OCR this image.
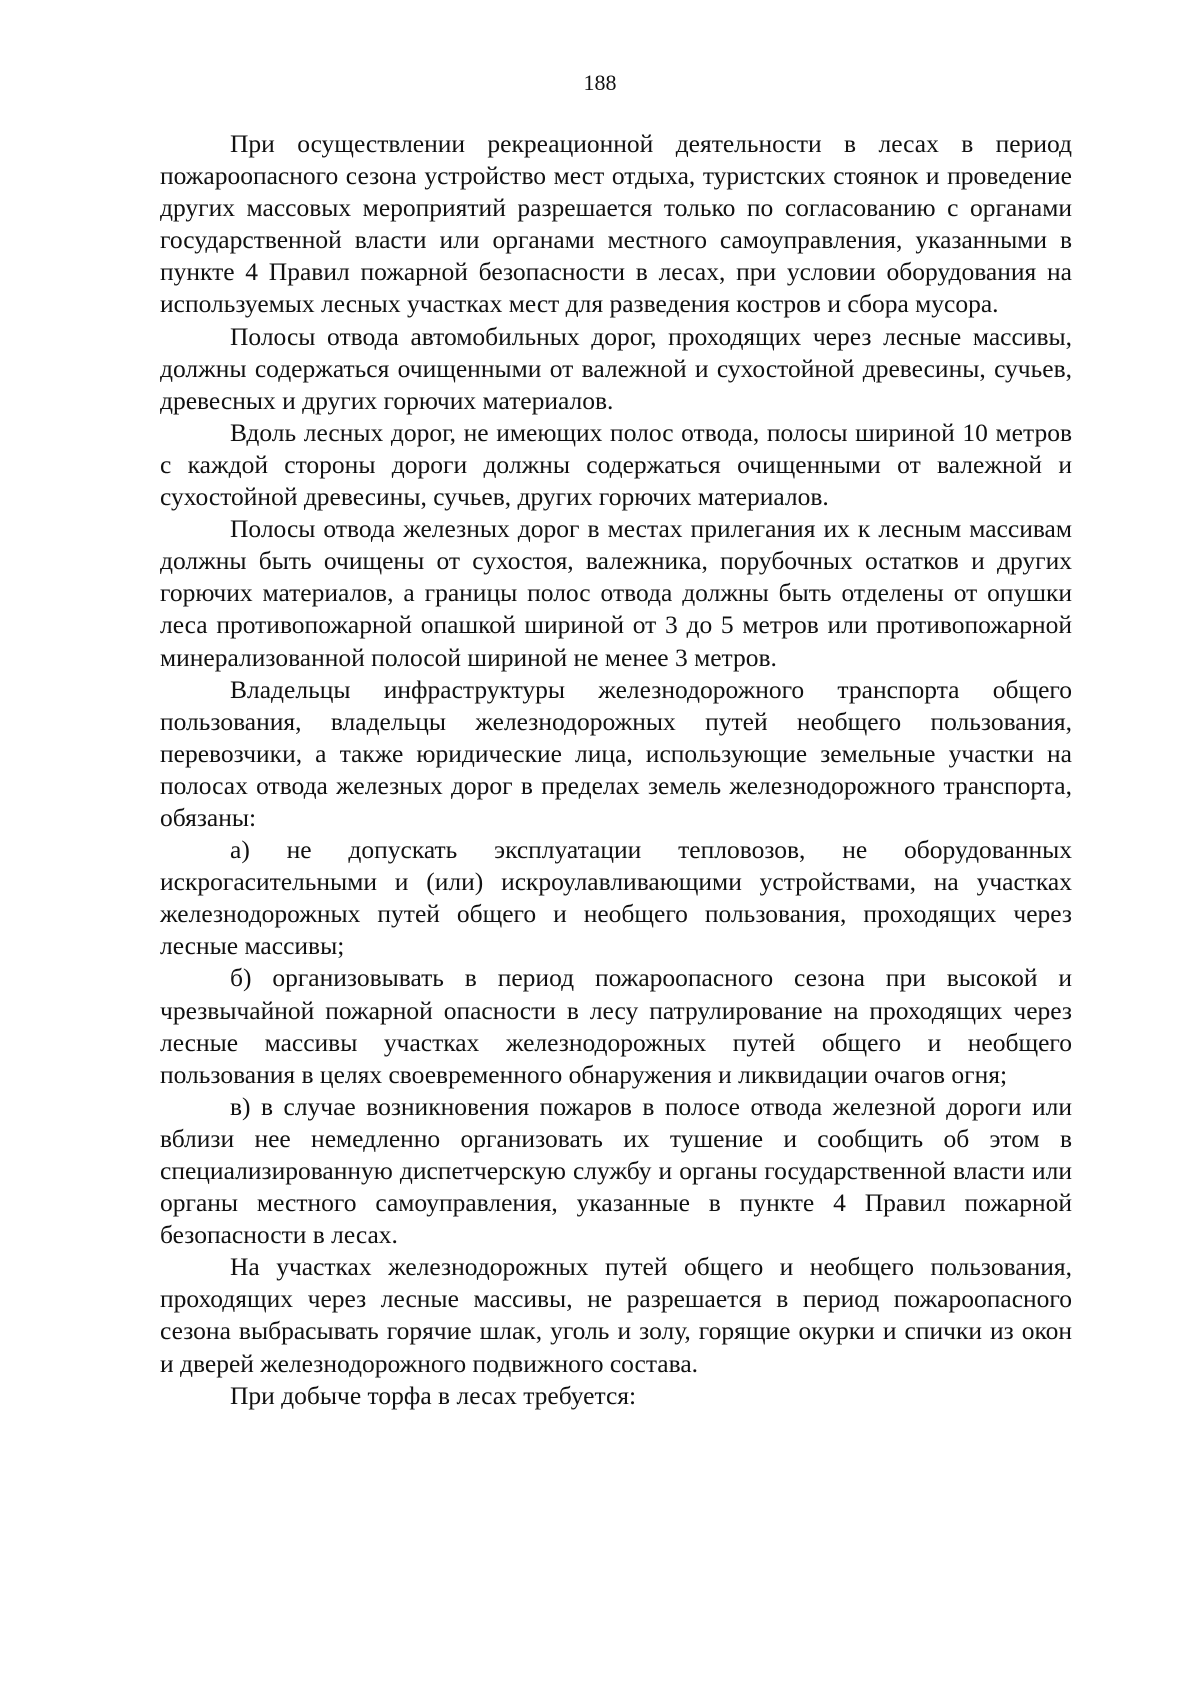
188

При осуществлении рекреационной деятельности в лесах в период пожароопасного сезона устройство мест отдыха, туристских стоянок и проведение других массовых мероприятий разрешается только по согласованию с органами государственной власти или органами местного самоуправления, указанными в пункте 4 Правил пожарной безопасности в лесах, при условии оборудования на используемых лесных участках мест для разведения костров и сбора мусора.

Полосы отвода автомобильных дорог, проходящих через лесные массивы, должны содержаться очищенными от валежной и сухостойной древесины, сучьев, древесных и других горючих материалов.

Вдоль лесных дорог, не имеющих полос отвода, полосы шириной 10 метров с каждой стороны дороги должны содержаться очищенными от валежной и сухостойной древесины, сучьев, других горючих материалов.

Полосы отвода железных дорог в местах прилегания их к лесным массивам должны быть очищены от сухостоя, валежника, порубочных остатков и других горючих материалов, а границы полос отвода должны быть отделены от опушки леса противопожарной опашкой шириной от 3 до 5 метров или противопожарной минерализованной полосой шириной не менее 3 метров.

Владельцы инфраструктуры железнодорожного транспорта общего пользования, владельцы железнодорожных путей необщего пользования, перевозчики, а также юридические лица, использующие земельные участки на полосах отвода железных дорог в пределах земель железнодорожного транспорта, обязаны:

а) не допускать эксплуатации тепловозов, не оборудованных искрогасительными и (или) искроулавливающими устройствами, на участках железнодорожных путей общего и необщего пользования, проходящих через лесные массивы;

б) организовывать в период пожароопасного сезона при высокой и чрезвычайной пожарной опасности в лесу патрулирование на проходящих через лесные массивы участках железнодорожных путей общего и необщего пользования в целях своевременного обнаружения и ликвидации очагов огня;

в) в случае возникновения пожаров в полосе отвода железной дороги или вблизи нее немедленно организовать их тушение и сообщить об этом в специализированную диспетчерскую службу и органы государственной власти или органы местного самоуправления, указанные в пункте 4 Правил пожарной безопасности в лесах.

На участках железнодорожных путей общего и необщего пользования, проходящих через лесные массивы, не разрешается в период пожароопасного сезона выбрасывать горячие шлак, уголь и золу, горящие окурки и спички из окон и дверей железнодорожного подвижного состава.

При добыче торфа в лесах требуется:
